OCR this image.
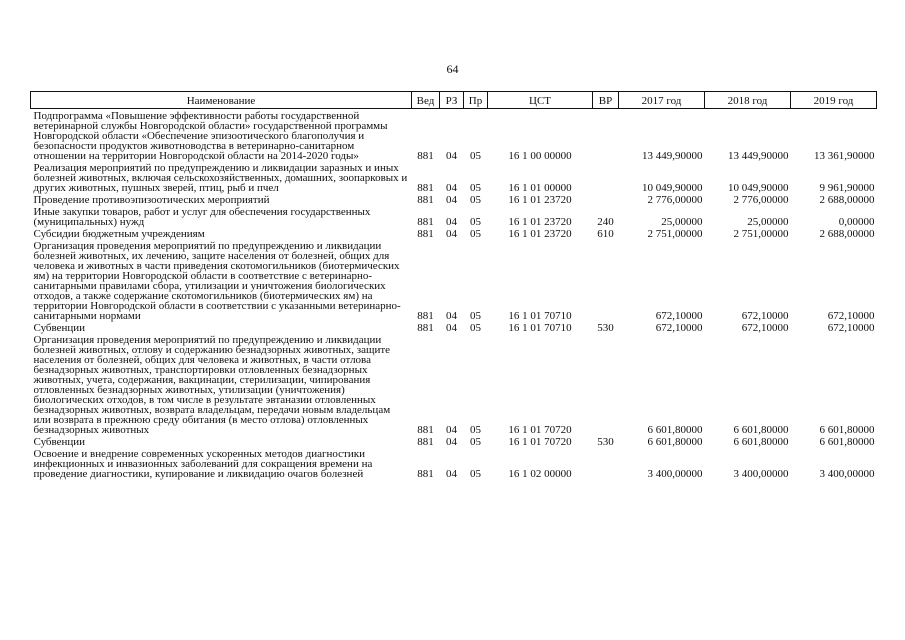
64
Наименование	Вед	РЗ	Пр	ЦСТ	ВР	2017 год	2018 год	2019 год
Подпрограмма «Повышение эффективности работы государственной ветеринарной службы Новгородской области» государственной программы Новгородской области «Обеспечение эпизоотического благополучия и безопасности продуктов животноводства в ветеринарно-санитарном отношении на территории Новгородской области на 2014-2020 годы»	881	04	05	16 1 00 00000		13 449,90000	13 449,90000	13 361,90000
Реализация мероприятий по предупреждению и ликвидации заразных и иных болезней животных, включая сельскохозяйственных, домашних, зоопарковых и других животных, пушных зверей, птиц, рыб и пчел	881	04	05	16 1 01 00000		10 049,90000	10 049,90000	9 961,90000
Проведение противоэпизоотических мероприятий	881	04	05	16 1 01 23720		2 776,00000	2 776,00000	2 688,00000
Иные закупки товаров, работ и услуг для обеспечения государственных (муниципальных) нужд	881	04	05	16 1 01 23720	240	25,00000	25,00000	0,00000
Субсидии бюджетным учреждениям	881	04	05	16 1 01 23720	610	2 751,00000	2 751,00000	2 688,00000
Организация проведения мероприятий по предупреждению и ликвидации болезней животных, их лечению, защите населения от болезней, общих для человека и животных в части приведения скотомогильников (биотермических ям) на территории Новгородской области в соответствие с ветеринарно-санитарными правилами сбора, утилизации и уничтожения биологических отходов, а также содержание скотомогильников (биотермических ям) на территории Новгородской области в соответствии с указанными ветеринарно-санитарными нормами	881	04	05	16 1 01 70710		672,10000	672,10000	672,10000
Субвенции	881	04	05	16 1 01 70710	530	672,10000	672,10000	672,10000
Организация проведения мероприятий по предупреждению и ликвидации болезней животных, отлову и содержанию безнадзорных животных, защите населения от болезней, общих для человека и животных, в части отлова безнадзорных животных, транспортировки отловленных безнадзорных животных, учета, содержания, вакцинации, стерилизации, чипирования отловленных безнадзорных животных, утилизации (уничтожения) биологических отходов, в том числе в результате эвтаназии отловленных безнадзорных животных, возврата владельцам, передачи новым владельцам или возврата в прежнюю среду обитания (в место отлова) отловленных безнадзорных животных	881	04	05	16 1 01 70720		6 601,80000	6 601,80000	6 601,80000
Субвенции	881	04	05	16 1 01 70720	530	6 601,80000	6 601,80000	6 601,80000
Освоение и внедрение современных ускоренных методов диагностики инфекционных и инвазионных заболеваний для сокращения времени на проведение диагностики, купирование и ликвидацию очагов болезней	881	04	05	16 1 02 00000		3 400,00000	3 400,00000	3 400,00000
